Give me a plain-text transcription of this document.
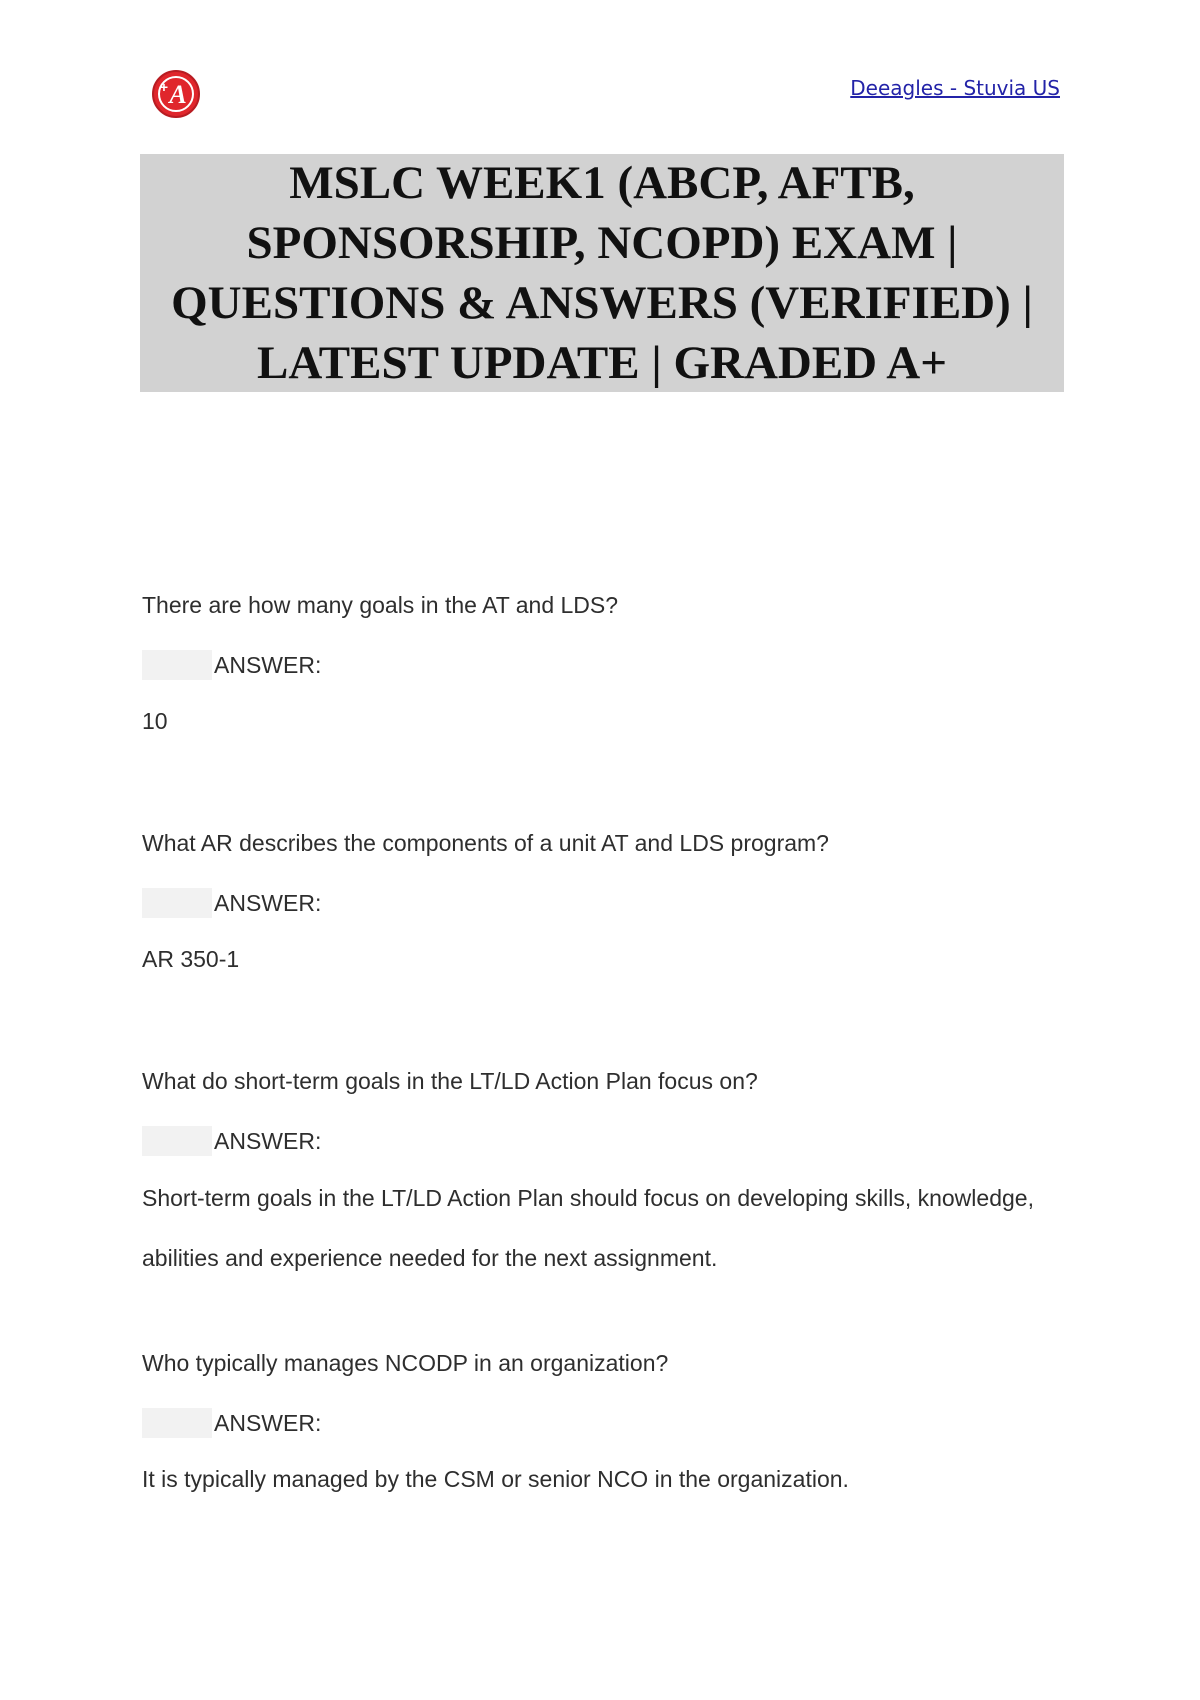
A
+	Deeagles - Stuvia US
MSLC WEEK1 (ABCP, AFTB, SPONSORSHIP, NCOPD) EXAM | QUESTIONS & ANSWERS (VERIFIED) | LATEST UPDATE | GRADED A+

There are how many goals in the AT and LDS?

ANSWER:

10

What AR describes the components of a unit AT and LDS program?

ANSWER:

AR 350-1

What do short-term goals in the LT/LD Action Plan focus on?

ANSWER:

Short-term goals in the LT/LD Action Plan should focus on developing skills, knowledge, abilities and experience needed for the next assignment.

Who typically manages NCODP in an organization?

ANSWER:

It is typically managed by the CSM or senior NCO in the organization.
